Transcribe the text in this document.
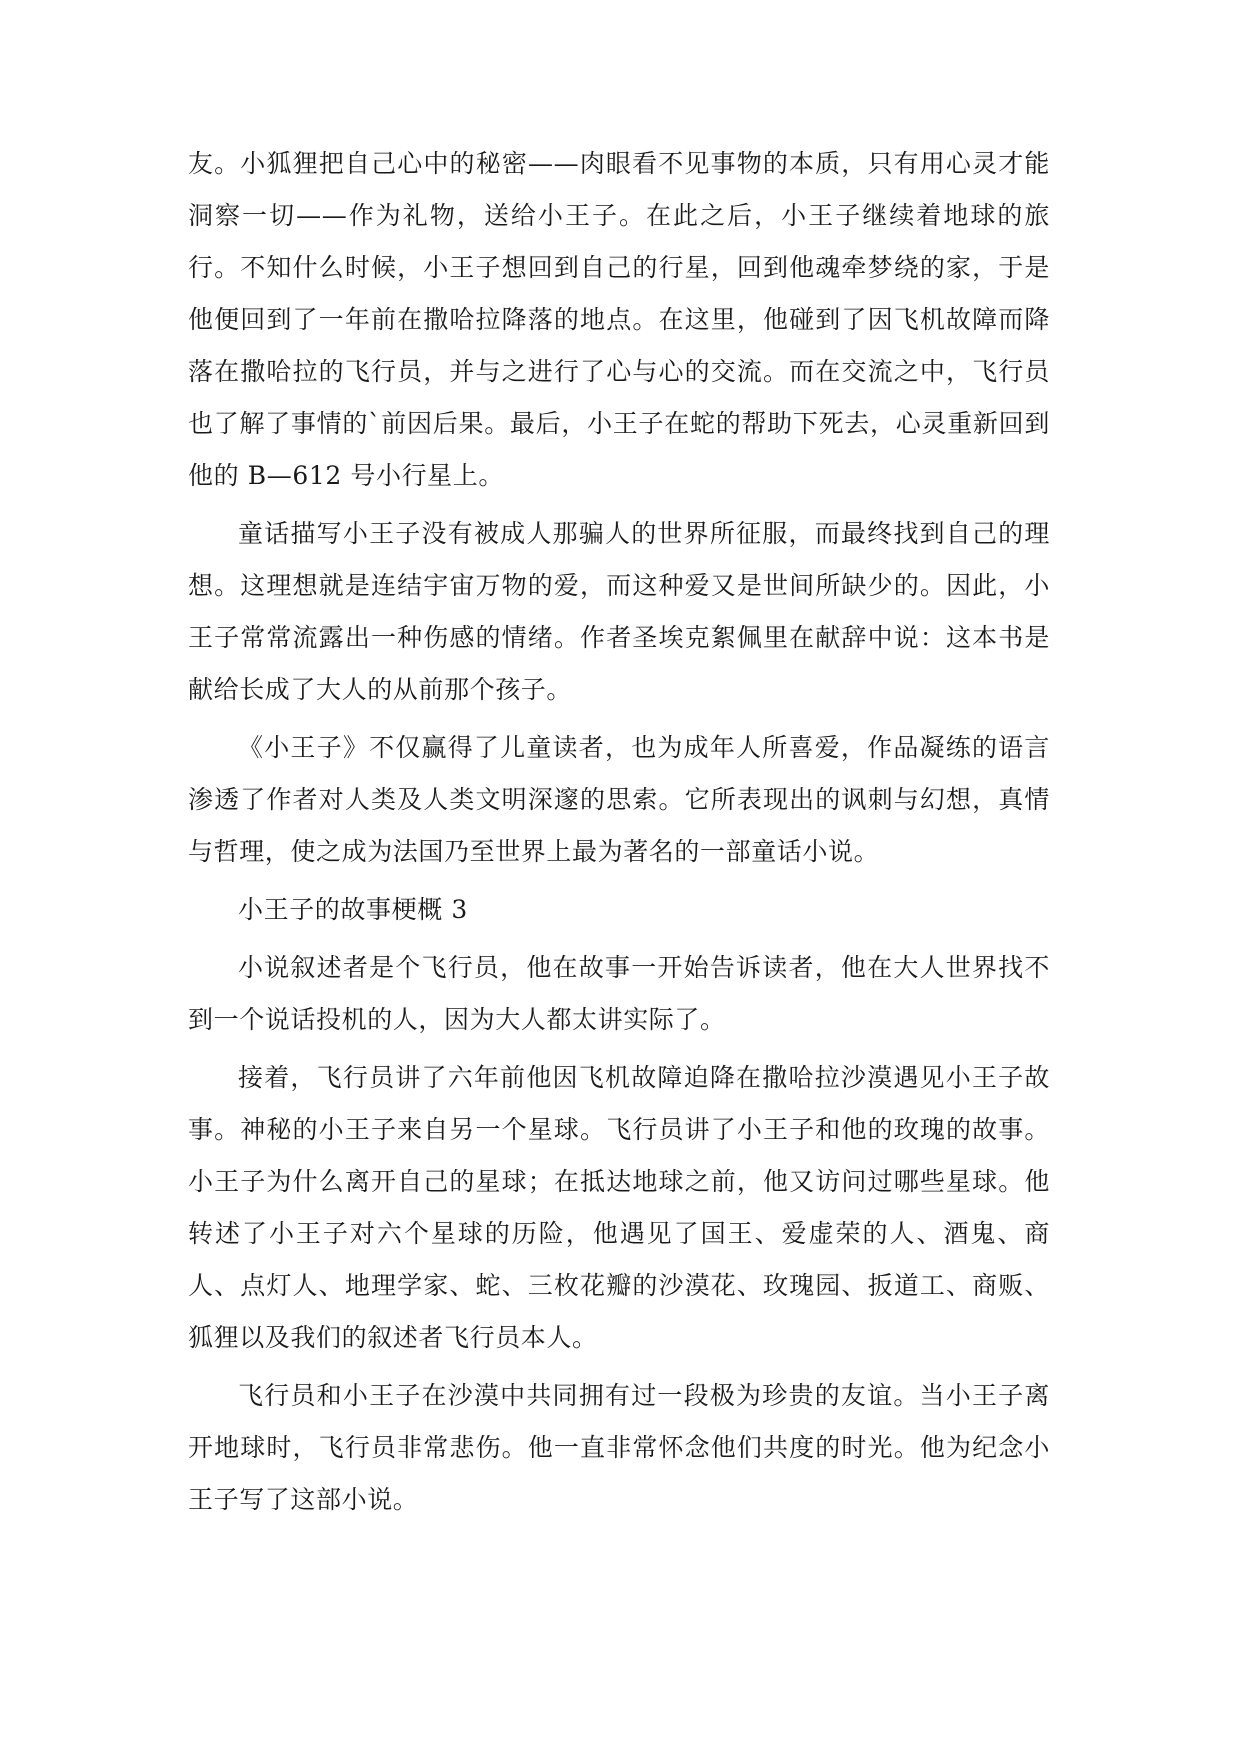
友。小狐狸把自己心中的秘密——肉眼看不见事物的本质，只有用心灵才能洞察一切——作为礼物，送给小王子。在此之后，小王子继续着地球的旅行。不知什么时候，小王子想回到自己的行星，回到他魂牵梦绕的家，于是他便回到了一年前在撒哈拉降落的地点。在这里，他碰到了因飞机故障而降落在撒哈拉的飞行员，并与之进行了心与心的交流。而在交流之中，飞行员也了解了事情的`前因后果。最后，小王子在蛇的帮助下死去，心灵重新回到他的 B—612 号小行星上。

童话描写小王子没有被成人那骗人的世界所征服，而最终找到自己的理想。这理想就是连结宇宙万物的爱，而这种爱又是世间所缺少的。因此，小王子常常流露出一种伤感的情绪。作者圣埃克絮佩里在献辞中说：这本书是献给长成了大人的从前那个孩子。

《小王子》不仅赢得了儿童读者，也为成年人所喜爱，作品凝练的语言渗透了作者对人类及人类文明深邃的思索。它所表现出的讽刺与幻想，真情与哲理，使之成为法国乃至世界上最为著名的一部童话小说。

小王子的故事梗概 3

小说叙述者是个飞行员，他在故事一开始告诉读者，他在大人世界找不到一个说话投机的人，因为大人都太讲实际了。

接着，飞行员讲了六年前他因飞机故障迫降在撒哈拉沙漠遇见小王子故事。神秘的小王子来自另一个星球。飞行员讲了小王子和他的玫瑰的故事。小王子为什么离开自己的星球；在抵达地球之前，他又访问过哪些星球。他转述了小王子对六个星球的历险，他遇见了国王、爱虚荣的人、酒鬼、商人、点灯人、地理学家、蛇、三枚花瓣的沙漠花、玫瑰园、扳道工、商贩、狐狸以及我们的叙述者飞行员本人。

飞行员和小王子在沙漠中共同拥有过一段极为珍贵的友谊。当小王子离开地球时，飞行员非常悲伤。他一直非常怀念他们共度的时光。他为纪念小王子写了这部小说。
